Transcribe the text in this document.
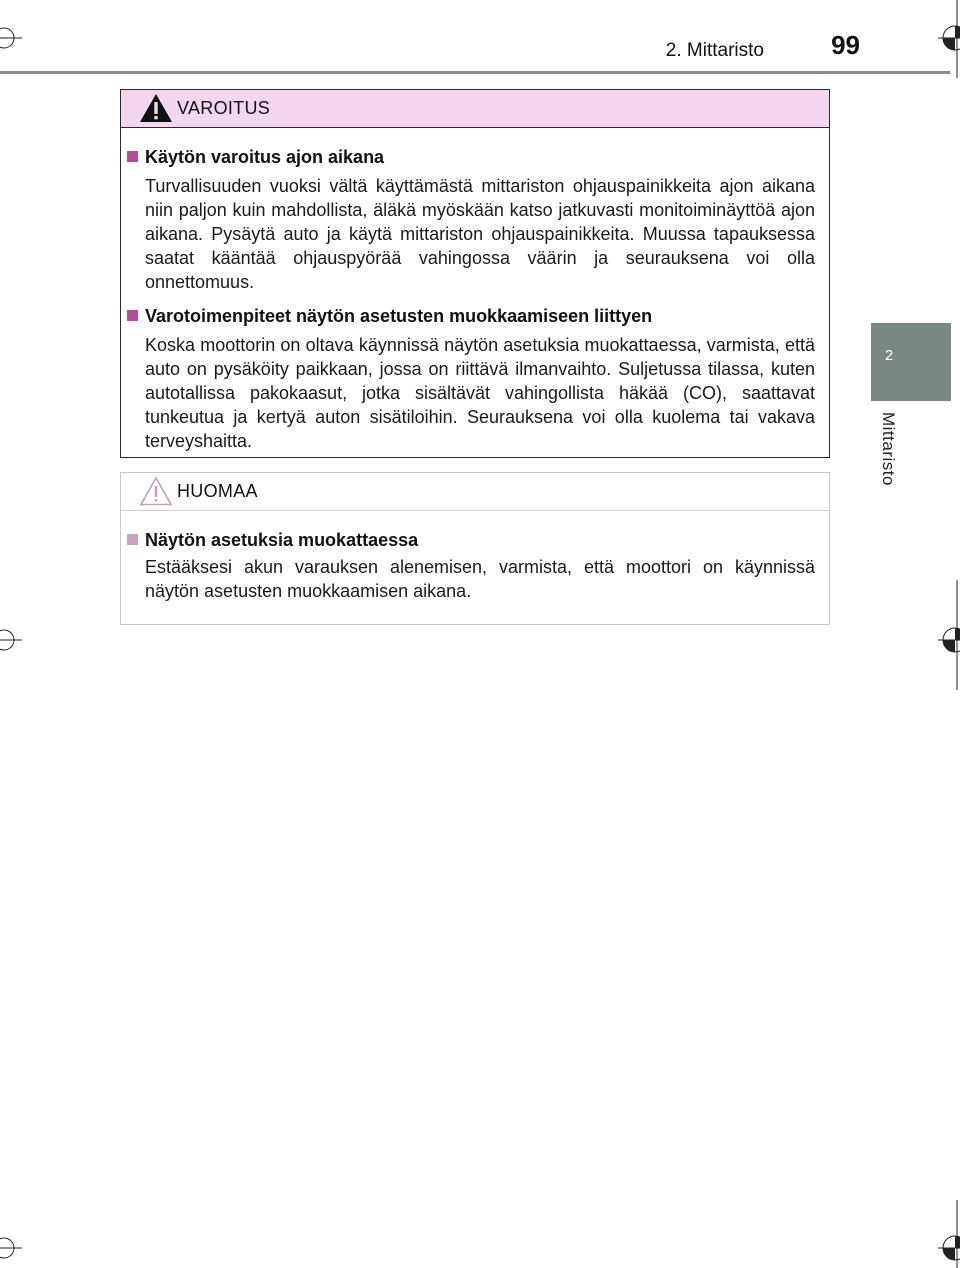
2. Mittaristo	99
2
Mittaristo
VAROITUS
Käytön varoitus ajon aikana
Turvallisuuden vuoksi vältä käyttämästä mittariston ohjauspainikkeita ajon aikana niin paljon kuin mahdollista, äläkä myöskään katso jatkuvasti monitoiminäyttöä ajon aikana. Pysäytä auto ja käytä mittariston ohjauspainikkeita. Muussa tapauksessa saatat kääntää ohjauspyörää vahingossa väärin ja seurauksena voi olla onnettomuus.
Varotoimenpiteet näytön asetusten muokkaamiseen liittyen
Koska moottorin on oltava käynnissä näytön asetuksia muokattaessa, varmista, että auto on pysäköity paikkaan, jossa on riittävä ilmanvaihto. Suljetussa tilassa, kuten autotallissa pakokaasut, jotka sisältävät vahingollista häkää (CO), saattavat tunkeutua ja kertyä auton sisätiloihin. Seurauksena voi olla kuolema tai vakava terveyshaitta.
HUOMAA
Näytön asetuksia muokattaessa
Estääksesi akun varauksen alenemisen, varmista, että moottori on käynnissä näytön asetusten muokkaamisen aikana.
